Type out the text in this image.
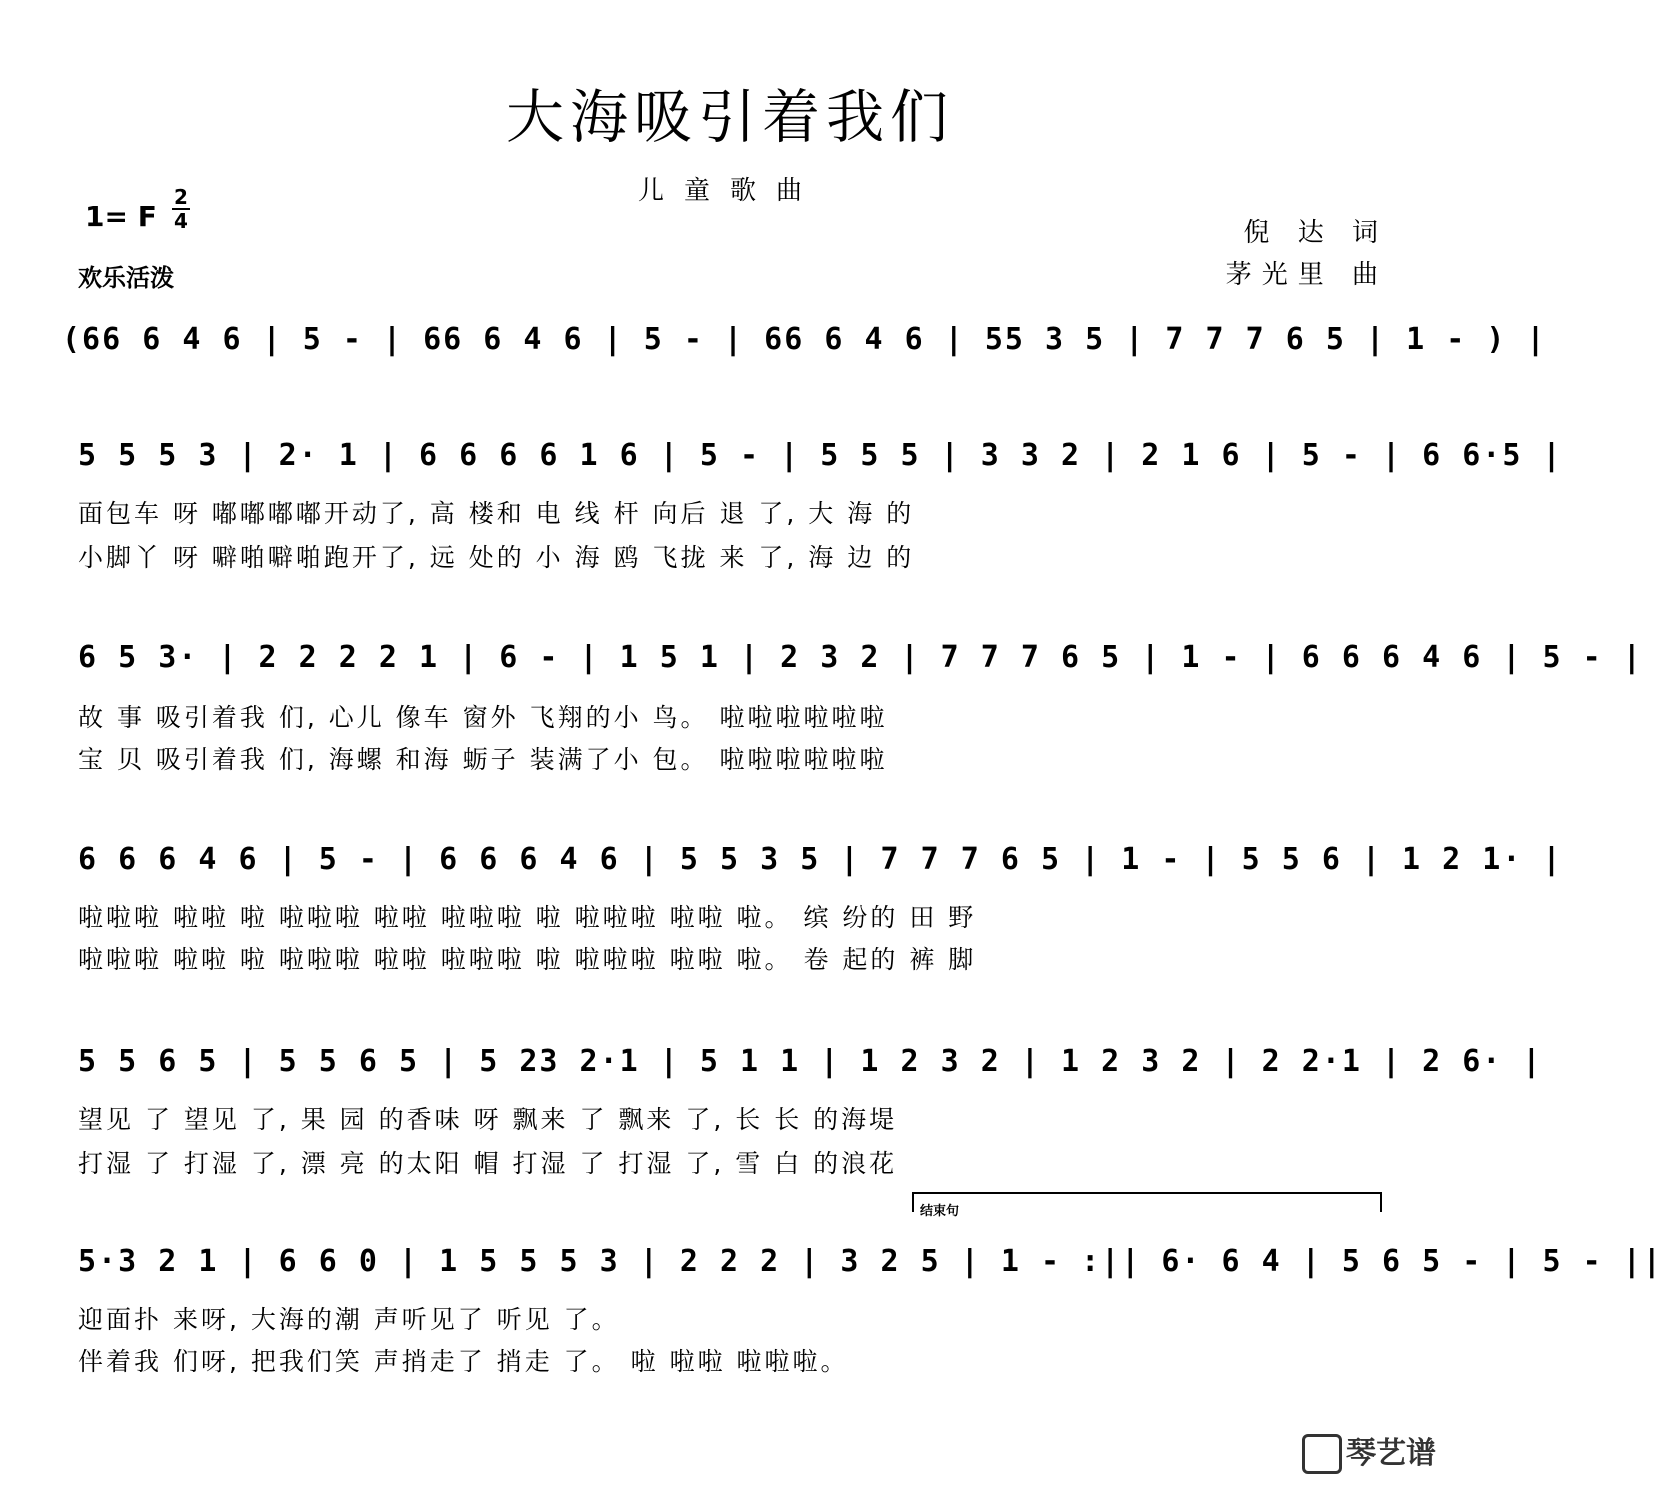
大海吸引着我们
儿童歌曲
1= F
2
4
欢乐活泼
倪 达 词
茅光里 曲
(66 6 4 6 | 5 - | 66 6 4 6 | 5 - | 66 6 4 6 | 55 3 5 | 7 7 7 6 5 | 1 - ) |
5 5 5 3 | 2· 1 | 6 6 6 6 1 6 | 5 - | 5 5 5 | 3 3 2 | 2 1 6 | 5 - | 6 6·5 |
面包车 呀 嘟嘟嘟嘟开动了, 高 楼和 电 线 杆 向后 退 了, 大 海 的
小脚丫 呀 噼啪噼啪跑开了, 远 处的 小 海 鸥 飞拢 来 了, 海 边 的
6 5 3· | 2 2 2 2 1 | 6 - | 1 5 1 | 2 3 2 | 7 7 7 6 5 | 1 - | 6 6 6 4 6 | 5 - |
故 事 吸引着我 们, 心儿 像车 窗外 飞翔的小 鸟。 啦啦啦啦啦啦
宝 贝 吸引着我 们, 海螺 和海 蛎子 装满了小 包。 啦啦啦啦啦啦
6 6 6 4 6 | 5 - | 6 6 6 4 6 | 5 5 3 5 | 7 7 7 6 5 | 1 - | 5 5 6 | 1 2 1· |
啦啦啦 啦啦 啦 啦啦啦 啦啦 啦啦啦 啦 啦啦啦 啦啦 啦。 缤 纷的 田 野
啦啦啦 啦啦 啦 啦啦啦 啦啦 啦啦啦 啦 啦啦啦 啦啦 啦。 卷 起的 裤 脚
5 5 6 5 | 5 5 6 5 | 5 23 2·1 | 5 1 1 | 1 2 3 2 | 1 2 3 2 | 2 2·1 | 2 6· |
望见 了 望见 了, 果 园 的香味 呀 飘来 了 飘来 了, 长 长 的海堤
打湿 了 打湿 了, 漂 亮 的太阳 帽 打湿 了 打湿 了, 雪 白 的浪花
结束句
5·3 2 1 | 6 6 0 | 1 5 5 5 3 | 2 2 2 | 3 2 5 | 1 - :|| 6· 6 4 | 5 6 5 - | 5 - ||
迎面扑 来呀, 大海的潮 声听见了 听见 了。
伴着我 们呀, 把我们笑 声捎走了 捎走 了。 啦 啦啦 啦啦啦。
琴艺谱
